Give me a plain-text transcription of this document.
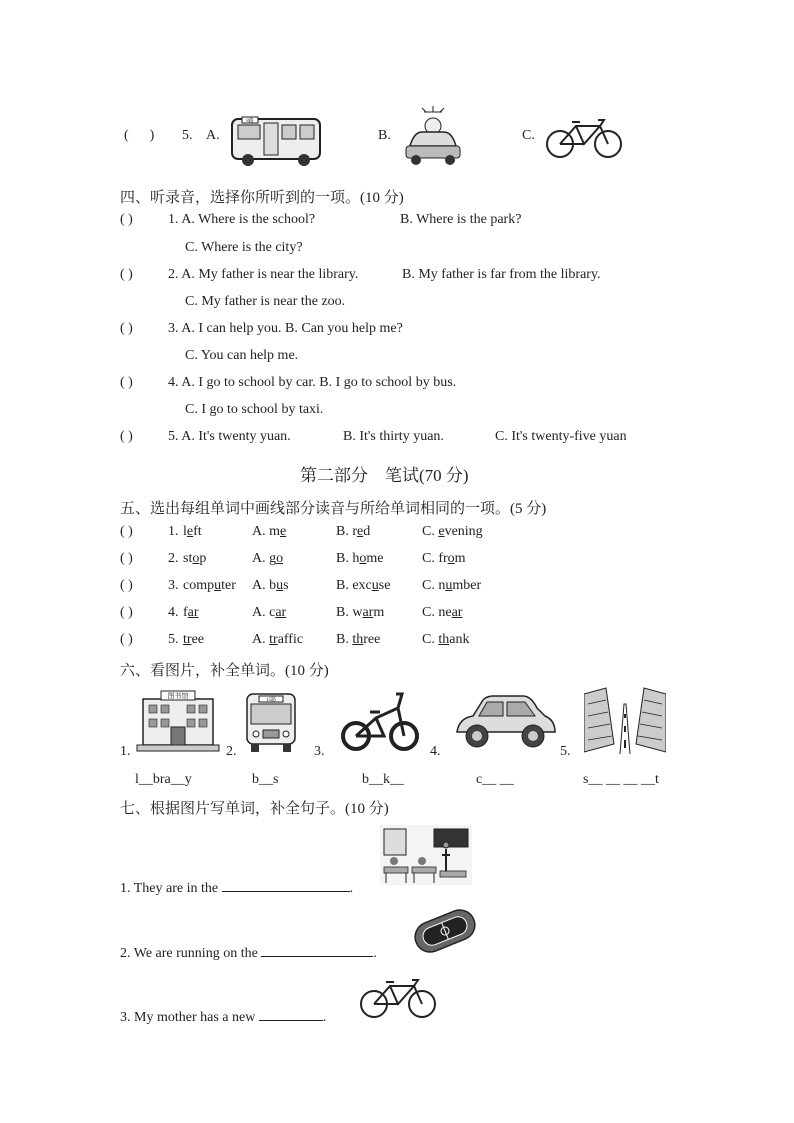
( ) 5. A.
8路
B.	C.
四、听录音，选择你所听到的一项。(10 分)
( )	1. A. Where is the school?	B. Where is the park?
C. Where is the city?
( )	2. A. My father is near the library.	B. My father is far from the library.
C. My father is near the zoo.
( )	3. A. I can help you. B. Can you help me?
C. You can help me.
( )	4. A. I go to school by car. B. I go to school by bus.
C. I go to school by taxi.
( )	5. A. It's twenty yuan.	B. It's thirty yuan.	C. It's twenty-five yuan
第二部分　笔试(70 分)
五、选出每组单词中画线部分读音与所给单词相同的一项。(5 分)
( )	1. left	A. me	B. red	C. evening
( )	2. stop	A. go	B. home	C. from
( )	3. computer A. bus	B. excuse C. number
( )	4. far	A. car	B. warm	C. near
( )	5. tree	A. traffic B. three	C. thank
六、看图片，补全单词。(10 分)
图书馆
15路
1.	2.	3.	4.	5.
l__bra__y	b__s	b__k__	c__ __	s__ __ __ __t
七、根据图片写单词，补全句子。(10 分)
1. They are in the	.
2. We are running on the	.
3. My mother has a new	.
